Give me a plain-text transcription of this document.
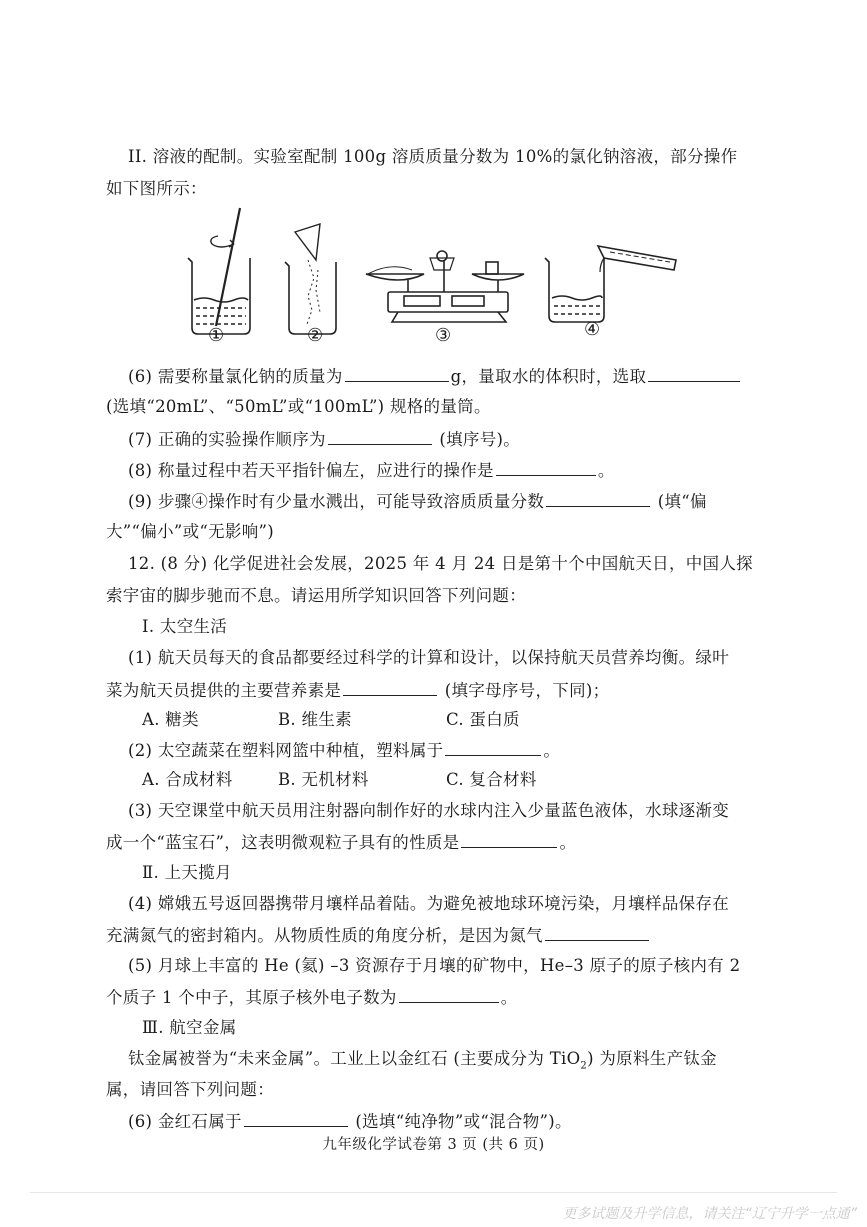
II. 溶液的配制。实验室配制 100g 溶质质量分数为 10%的氯化钠溶液，部分操作
如下图所示：
①	②	③	④
(6) 需要称量氯化钠的质量为	g，量取水的体积时，选取
(选填“20mL”、“50mL”或“100mL”) 规格的量筒。
(7) 正确的实验操作顺序为	(填序号)。
(8) 称量过程中若天平指针偏左，应进行的操作是	。
(9) 步骤④操作时有少量水溅出，可能导致溶质质量分数	(填“偏
大”“偏小”或“无影响”)
12. (8 分) 化学促进社会发展，2025 年 4 月 24 日是第十个中国航天日，中国人探
索宇宙的脚步驰而不息。请运用所学知识回答下列问题：
Ⅰ. 太空生活
(1) 航天员每天的食品都要经过科学的计算和设计，以保持航天员营养均衡。绿叶
菜为航天员提供的主要营养素是	(填字母序号，下同)；
A. 糖类	B. 维生素	C. 蛋白质
(2) 太空蔬菜在塑料网篮中种植，塑料属于	。
A. 合成材料	B. 无机材料	C. 复合材料
(3) 天空课堂中航天员用注射器向制作好的水球内注入少量蓝色液体，水球逐渐变
成一个“蓝宝石”，这表明微观粒子具有的性质是	。
Ⅱ. 上天揽月
(4) 嫦娥五号返回器携带月壤样品着陆。为避免被地球环境污染，月壤样品保存在
充满氮气的密封箱内。从物质性质的角度分析，是因为氮气
(5) 月球上丰富的 He (氦) –3 资源存于月壤的矿物中，He–3 原子的原子核内有 2
个质子 1 个中子，其原子核外电子数为	。
Ⅲ. 航空金属
钛金属被誉为“未来金属”。工业上以金红石 (主要成分为 TiO$_2$) 为原料生产钛金
属，请回答下列问题：
(6) 金红石属于	(选填“纯净物”或“混合物”)。
九年级化学试卷第 3 页 (共 6 页)
更多试题及升学信息，请关注“辽宁升学一点通”
